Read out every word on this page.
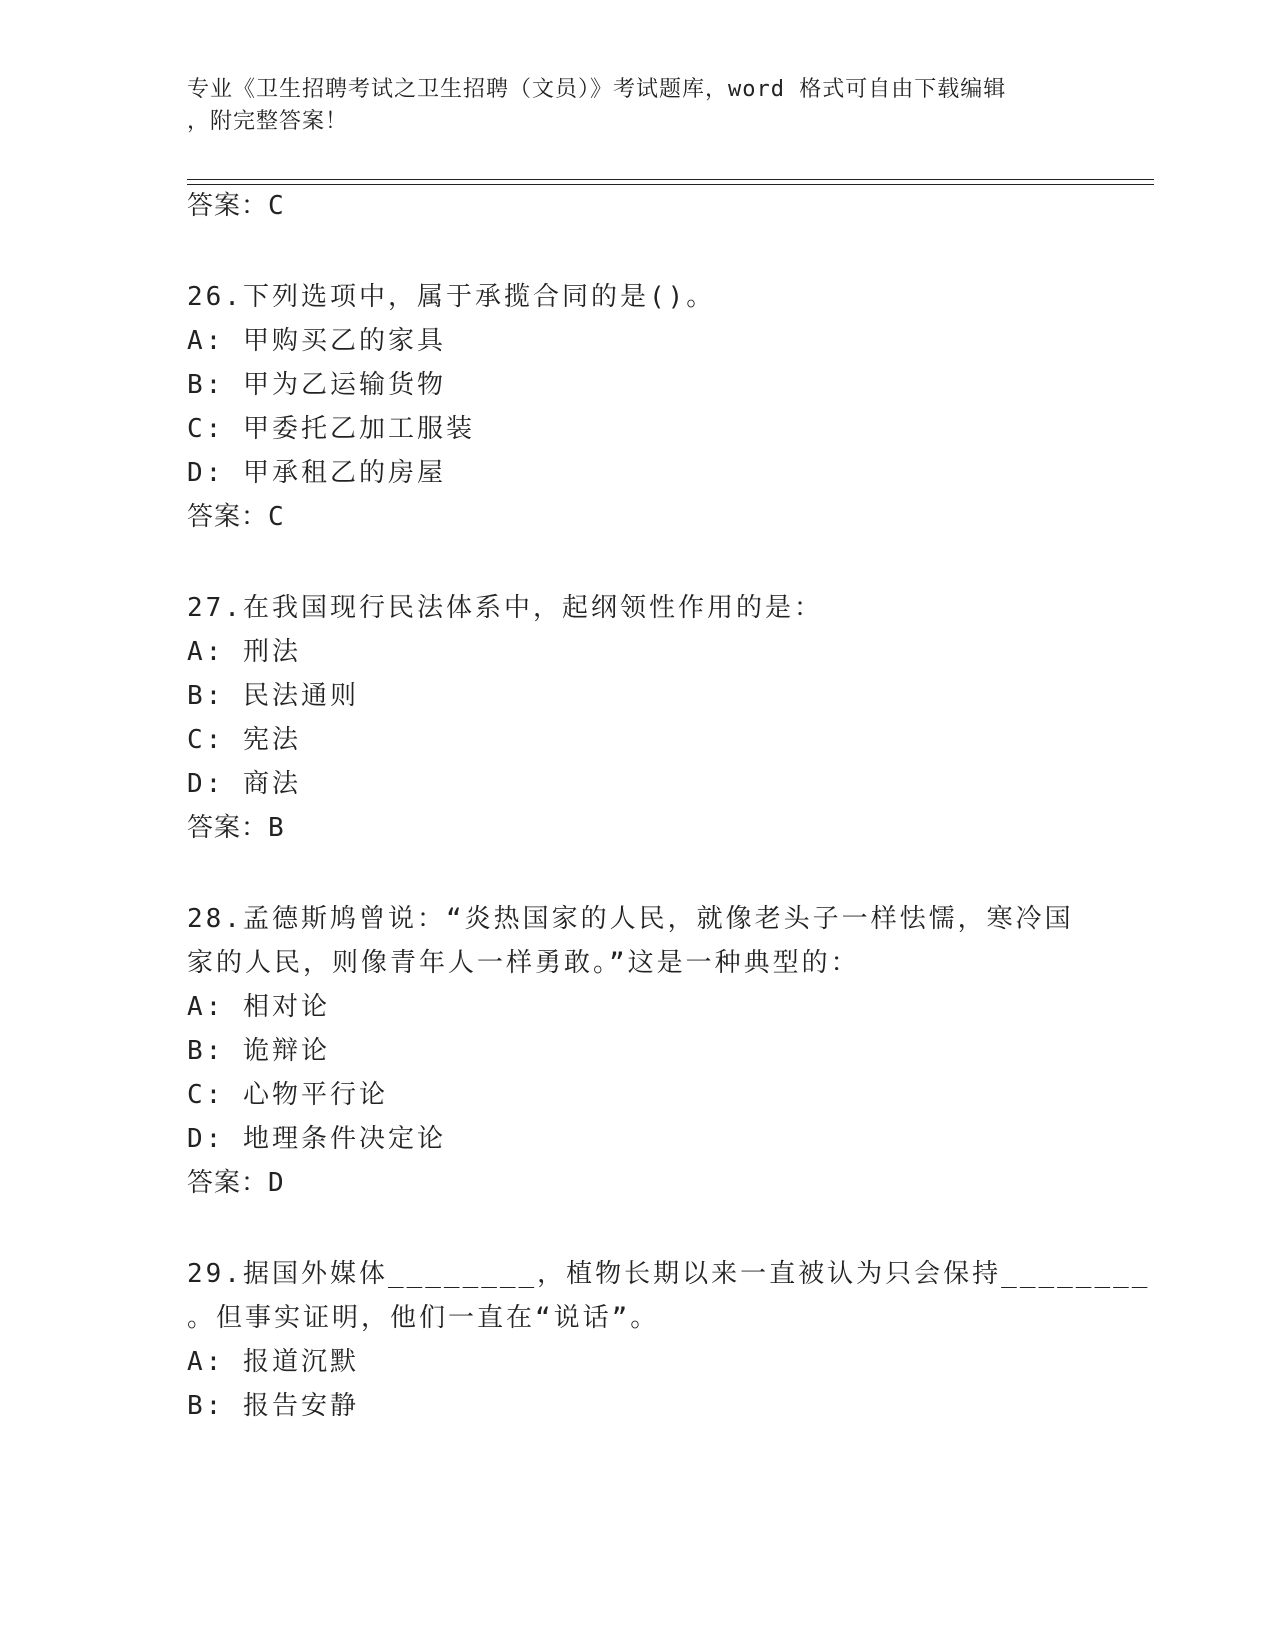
专业《卫生招聘考试之卫生招聘（文员）》考试题库，word 格式可自由下载编辑
，附完整答案！
答案：C
26.下列选项中，属于承揽合同的是()。
A: 甲购买乙的家具
B: 甲为乙运输货物
C: 甲委托乙加工服装
D: 甲承租乙的房屋
答案：C
27.在我国现行民法体系中，起纲领性作用的是：
A: 刑法
B: 民法通则
C: 宪法
D: 商法
答案：B
28.孟德斯鸠曾说：“炎热国家的人民，就像老头子一样怯懦，寒冷国
家的人民，则像青年人一样勇敢。”这是一种典型的：
A: 相对论
B: 诡辩论
C: 心物平行论
D: 地理条件决定论
答案：D
29.据国外媒体________，植物长期以来一直被认为只会保持________
。但事实证明，他们一直在“说话”。
A: 报道沉默
B: 报告安静
